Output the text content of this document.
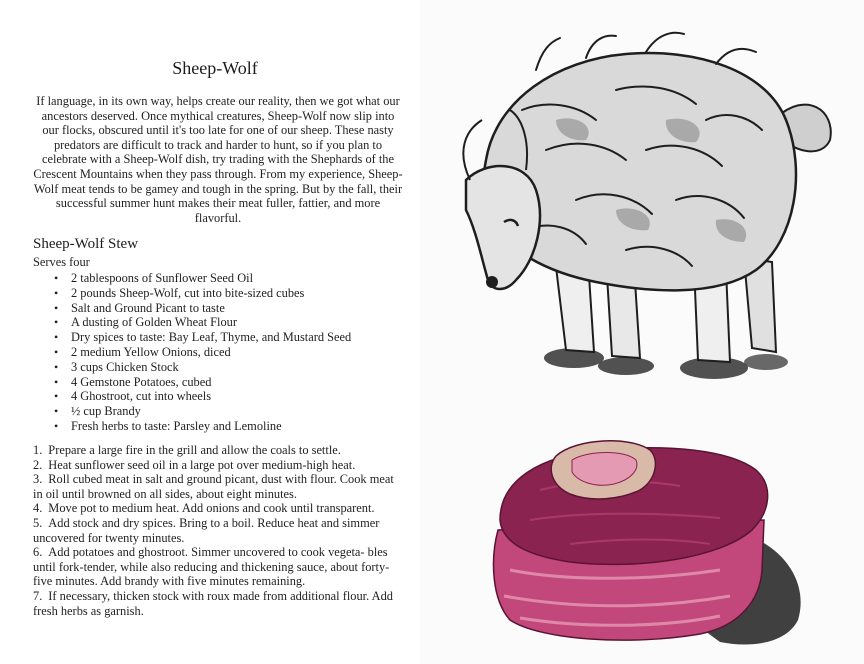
Sheep-Wolf
If language, in its own way, helps create our reality, then we got what our ancestors deserved. Once mythical creatures, Sheep-Wolf now slip into our flocks, obscured until it's too late for one of our sheep. These nasty predators are difficult to track and harder to hunt, so if you plan to celebrate with a Sheep-Wolf dish, try trading with the Shephards of the Crescent Mountains when they pass through. From my experience, Sheep-Wolf meat tends to be gamey and tough in the spring. But by the fall, their successful summer hunt makes their meat fuller, fattier, and more flavorful.
Sheep-Wolf Stew
Serves four
• 2 tablespoons of Sunflower Seed Oil
• 2 pounds Sheep-Wolf, cut into bite-sized cubes
• Salt and Ground Picant to taste
• A dusting of Golden Wheat Flour
• Dry spices to taste: Bay Leaf, Thyme, and Mustard Seed
• 2 medium Yellow Onions, diced
• 3 cups Chicken Stock
• 4 Gemstone Potatoes, cubed
• 4 Ghostroot, cut into wheels
• ½ cup Brandy
• Fresh herbs to taste: Parsley and Lemoline
1. Prepare a large fire in the grill and allow the coals to settle.
2. Heat sunflower seed oil in a large pot over medium-high heat.
3. Roll cubed meat in salt and ground picant, dust with flour. Cook meat in oil until browned on all sides, about eight minutes.
4. Move pot to medium heat. Add onions and cook until transparent.
5. Add stock and dry spices. Bring to a boil. Reduce heat and simmer uncovered for twenty minutes.
6. Add potatoes and ghostroot. Simmer uncovered to cook vegeta- bles until fork-tender, while also reducing and thickening sauce, about forty-five minutes. Add brandy with five minutes remaining.
7. If necessary, thicken stock with roux made from additional flour. Add fresh herbs as garnish.
